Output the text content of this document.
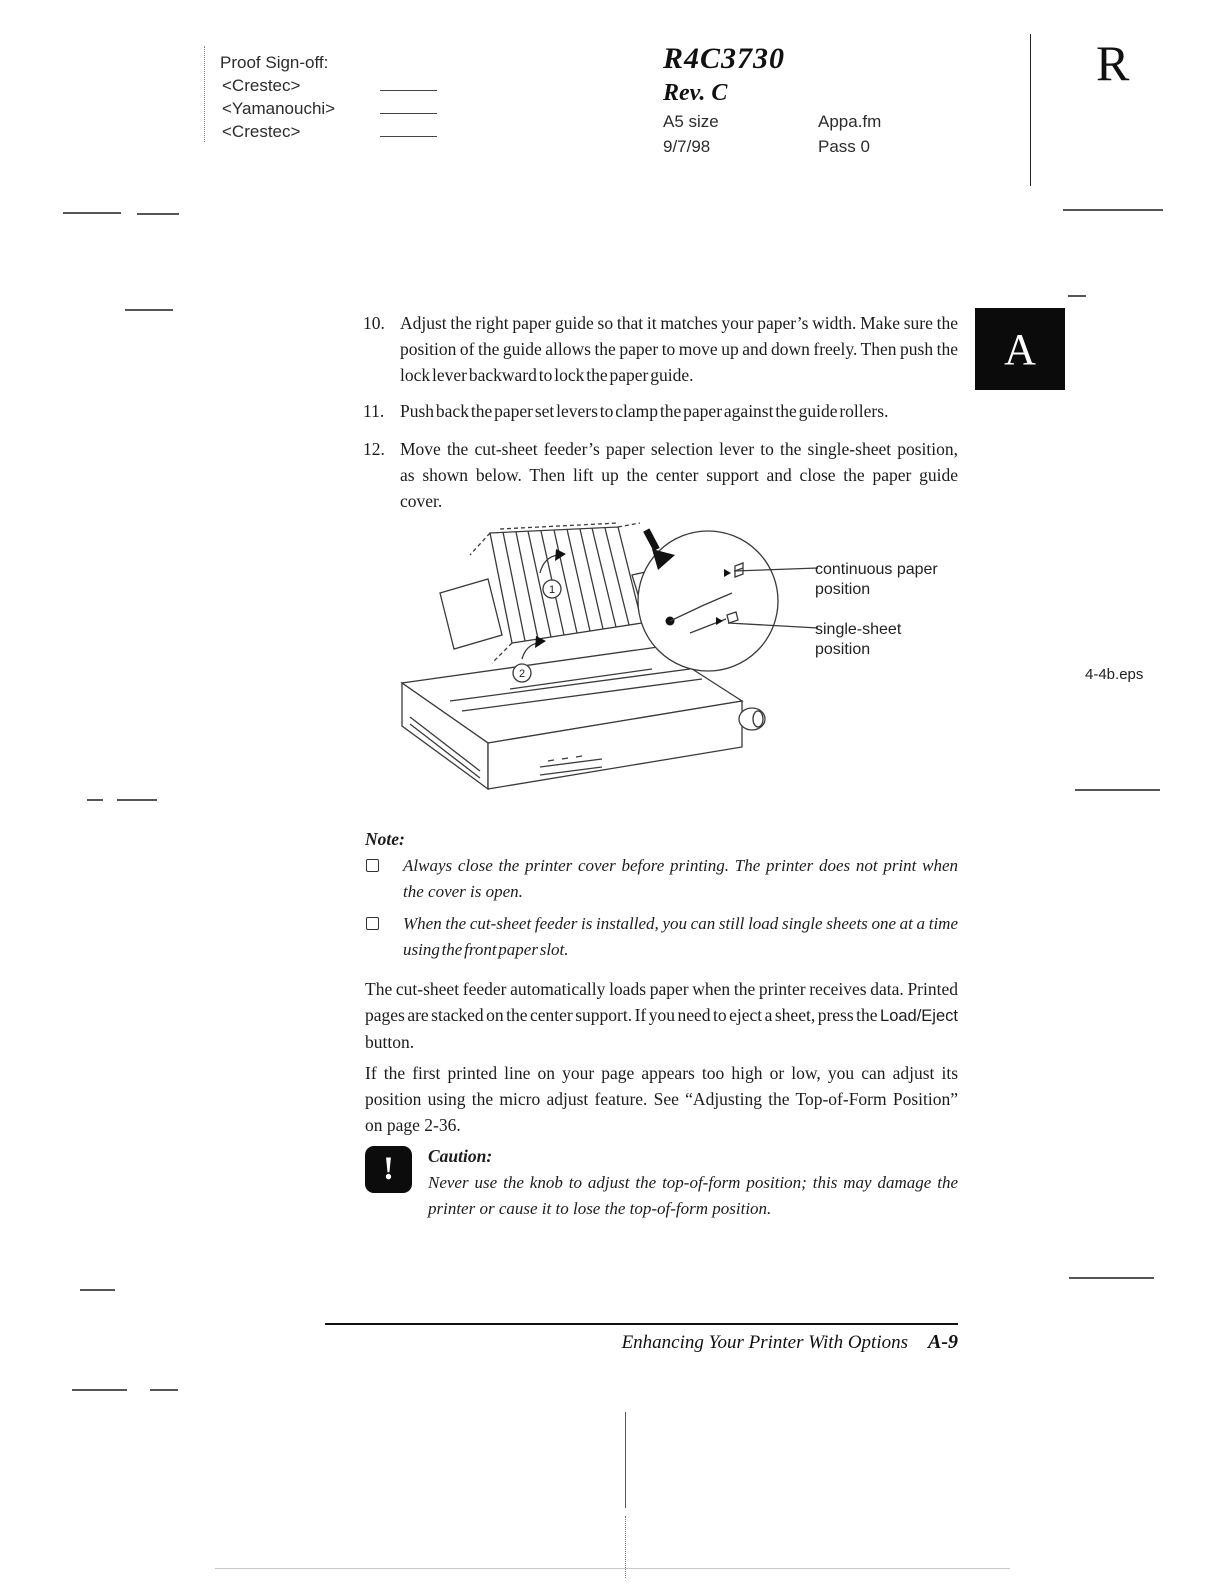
Proof Sign-off:
<Crestec>
<Yamanouchi>
<Crestec>
R4C3730
Rev. C
A5 size
9/7/98
Appa.fm
Pass 0
R
A
10. Adjust the right paper guide so that it matches your paper’s width. Make sure the position of the guide allows the paper to move up and down freely. Then push the lock lever backward to lock the paper guide.
11. Push back the paper set levers to clamp the paper against the guide rollers.
12. Move the cut-sheet feeder’s paper selection lever to the single-sheet position, as shown below. Then lift up the center support and close the paper guide cover.
1
2
continuous paper position
single-sheet position
4-4b.eps
Note:
Always close the printer cover before printing. The printer does not print when the cover is open.
When the cut-sheet feeder is installed, you can still load single sheets one at a time using the front paper slot.

The cut-sheet feeder automatically loads paper when the printer receives data. Printed pages are stacked on the center support. If you need to eject a sheet, press the Load/Eject button.

If the first printed line on your page appears too high or low, you can adjust its position using the micro adjust feature. See “Adjusting the Top-of-Form Position” on page 2-36.

! Caution:
Never use the knob to adjust the top-of-form position; this may damage the printer or cause it to lose the top-of-form position.
Enhancing Your Printer With Options A-9
